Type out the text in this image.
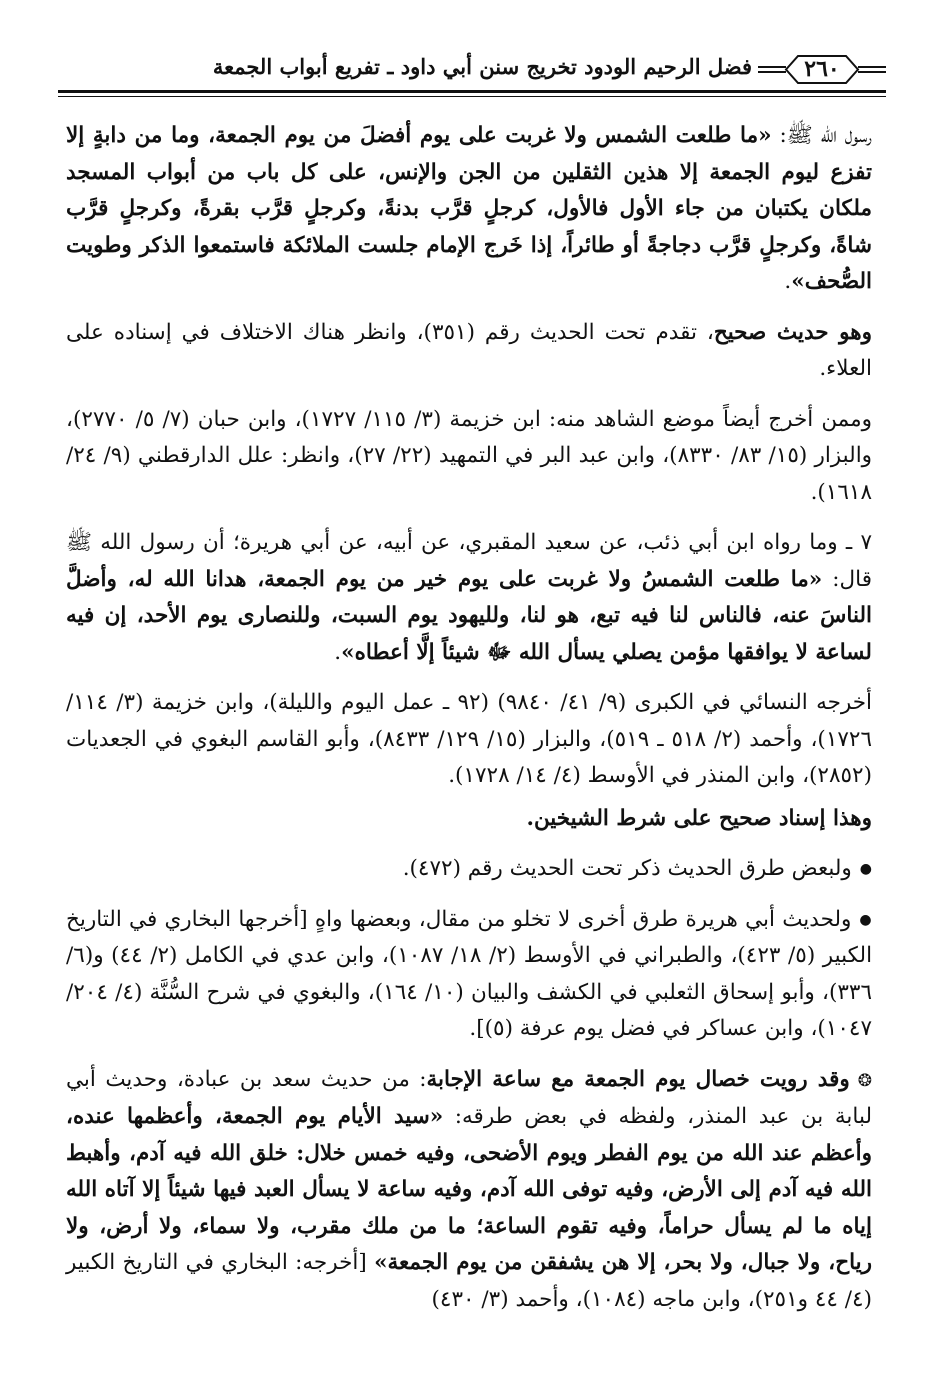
فضل الرحيم الودود تخريج سنن أبي داود ـ تفريع أبواب الجمعة	٢٦٠
رسول الله ﷺ: «ما طلعت الشمس ولا غربت على يوم أفضلَ من يوم الجمعة، وما من دابةٍ إلا تفزع ليوم الجمعة إلا هذين الثقلين من الجن والإنس، على كل باب من أبواب المسجد ملكان يكتبان من جاء الأول فالأول، كرجلٍ قرَّب بدنةً، وكرجلٍ قرَّب بقرةً، وكرجلٍ قرَّب شاةً، وكرجلٍ قرَّب دجاجةً أو طائراً، إذا خَرج الإمام جلست الملائكة فاستمعوا الذكر وطويت الصُّحف».
وهو حديث صحيح، تقدم تحت الحديث رقم (٣٥١)، وانظر هناك الاختلاف في إسناده على العلاء.
وممن أخرج أيضاً موضع الشاهد منه: ابن خزيمة (٣/ ١١٥/ ١٧٢٧)، وابن حبان (٧/ ٥/ ٢٧٧٠)، والبزار (١٥/ ٨٣/ ٨٣٣٠)، وابن عبد البر في التمهيد (٢٢/ ٢٧)، وانظر: علل الدارقطني (٩/ ٢٤/ ١٦١٨).
٧ ـ وما رواه ابن أبي ذئب، عن سعيد المقبري، عن أبيه، عن أبي هريرة؛ أن رسول الله ﷺ قال: «ما طلعت الشمسُ ولا غربت على يوم خير من يوم الجمعة، هدانا الله له، وأضلَّ الناسَ عنه، فالناس لنا فيه تبع، هو لنا، ولليهود يوم السبت، وللنصارى يوم الأحد، إن فيه لساعة لا يوافقها مؤمن يصلي يسأل الله ﷻ شيئاً إلَّا أعطاه».
أخرجه النسائي في الكبرى (٩/ ٤١/ ٩٨٤٠) (٩٢ ـ عمل اليوم والليلة)، وابن خزيمة (٣/ ١١٤/ ١٧٢٦)، وأحمد (٢/ ٥١٨ ـ ٥١٩)، والبزار (١٥/ ١٢٩/ ٨٤٣٣)، وأبو القاسم البغوي في الجعديات (٢٨٥٢)، وابن المنذر في الأوسط (٤/ ١٤/ ١٧٢٨).
وهذا إسناد صحيح على شرط الشيخين.
● ولبعض طرق الحديث ذكر تحت الحديث رقم (٤٧٢).
● ولحديث أبي هريرة طرق أخرى لا تخلو من مقال، وبعضها واهٍ [أخرجها البخاري في التاريخ الكبير (٥/ ٤٢٣)، والطبراني في الأوسط (٢/ ١٨/ ١٠٨٧)، وابن عدي في الكامل (٢/ ٤٤) و(٦/ ٣٣٦)، وأبو إسحاق الثعلبي في الكشف والبيان (١٠/ ١٦٤)، والبغوي في شرح السُّنَّة (٤/ ٢٠٤/ ١٠٤٧)، وابن عساكر في فضل يوم عرفة (٥)].
❂ وقد رويت خصال يوم الجمعة مع ساعة الإجابة: من حديث سعد بن عبادة، وحديث أبي لبابة بن عبد المنذر، ولفظه في بعض طرقه: «سيد الأيام يوم الجمعة، وأعظمها عنده، وأعظم عند الله من يوم الفطر ويوم الأضحى، وفيه خمس خلال: خلق الله فيه آدم، وأهبط الله فيه آدم إلى الأرض، وفيه توفى الله آدم، وفيه ساعة لا يسأل العبد فيها شيئاً إلا آتاه الله إياه ما لم يسأل حراماً، وفيه تقوم الساعة؛ ما من ملك مقرب، ولا سماء، ولا أرض، ولا رياح، ولا جبال، ولا بحر، إلا هن يشفقن من يوم الجمعة» [أخرجه: البخاري في التاريخ الكبير (٤/ ٤٤ و٢٥١)، وابن ماجه (١٠٨٤)، وأحمد (٣/ ٤٣٠)
